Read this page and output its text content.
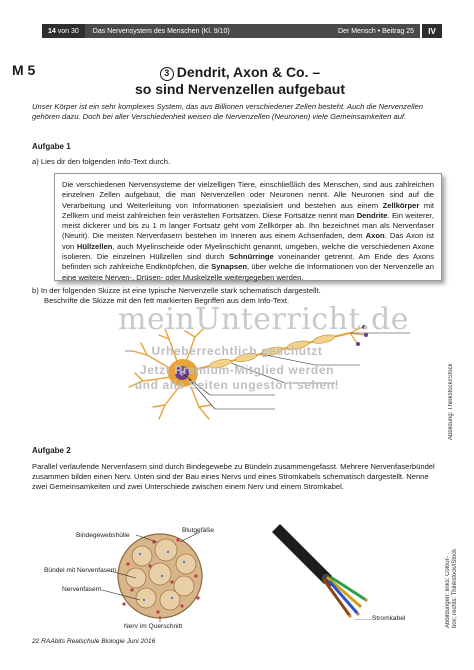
14
von 30 Das Nervensystem des Menschen (Kl. 9/10)	Der Mensch • Beitrag 25	IV
M 5	3 Dendrit, Axon & Co. –
so sind Nervenzellen aufgebaut
Unser Körper ist ein sehr komplexes System, das aus Billionen verschiedener Zellen besteht. Auch die Nervenzellen gehören dazu. Doch bei aller Verschiedenheit weisen die Nervenzellen (Neuronen) viele Gemeinsamkeiten auf.
Aufgabe 1
a) Lies dir den folgenden Info-Text durch.
Die verschiedenen Nervensysteme der vielzelligen Tiere, einschließlich des Menschen, sind aus zahlreichen einzelnen Zellen aufgebaut, die man Nervenzellen oder Neuronen nennt. Alle Neuronen sind auf die Verarbeitung und Weiterleitung von Informationen spezialisiert und bestehen aus einem Zellkörper mit Zellkern und meist zahlreichen fein verästelten Fortsätzen. Diese Fortsätze nennt man Dendrite. Ein weiterer, meist dickerer und bis zu 1 m langer Fortsatz geht vom Zellkörper ab. Ihn bezeichnet man als Nervenfaser (Neurit). Die meisten Nervenfasern bestehen im Inneren aus einem Achsenfaden, dem Axon. Das Axon ist von Hüllzellen, auch Myelinscheide oder Myelinschicht genannt, umgeben, welche die verschiedenen Axone isolieren. Die einzelnen Hüllzellen sind durch Schnürringe voneinander getrennt. Am Ende des Axons befinden sich zahlreiche Endknöpfchen, die Synapsen, über welche die Informationen von der Nervenzelle an eine weitere Nerven-, Drüsen- oder Muskelzelle weitergegeben werden.
b) In der folgenden Skizze ist eine typische Nervenzelle stark schematisch dargestellt.
Beschrifte die Skizze mit den fett markierten Begriffen aus dem Info-Text.
meinUnterricht.de
Urheberrechtlich geschützt
Jetzt Premium-Mitglied werden
und alle Seiten ungestört sehen!	Abbildung: Thinkstock/iStock
Aufgabe 2
Parallel verlaufende Nervenfasern sind durch Bindegewebe zu Bündeln zusammengefasst. Mehrere Nervenfaserbündel zusammen bilden einen Nerv. Unten sind der Bau eines Nervs und eines Stromkabels schematisch dargestellt. Nenne zwei Gemeinsamkeiten und zwei Unterschiede zwischen einem Nerv und einem Stromkabel.
Bindegewebshülle
Blutgefäße
Bündel mit Nervenfasern
Nervenfasern
Nerv im Querschnitt
Stromkabel	Abbildungen: links: Colour-
box; rechts: Thinkstock/iStock
22 RAAbits Realschule Biologie Juni 2016
